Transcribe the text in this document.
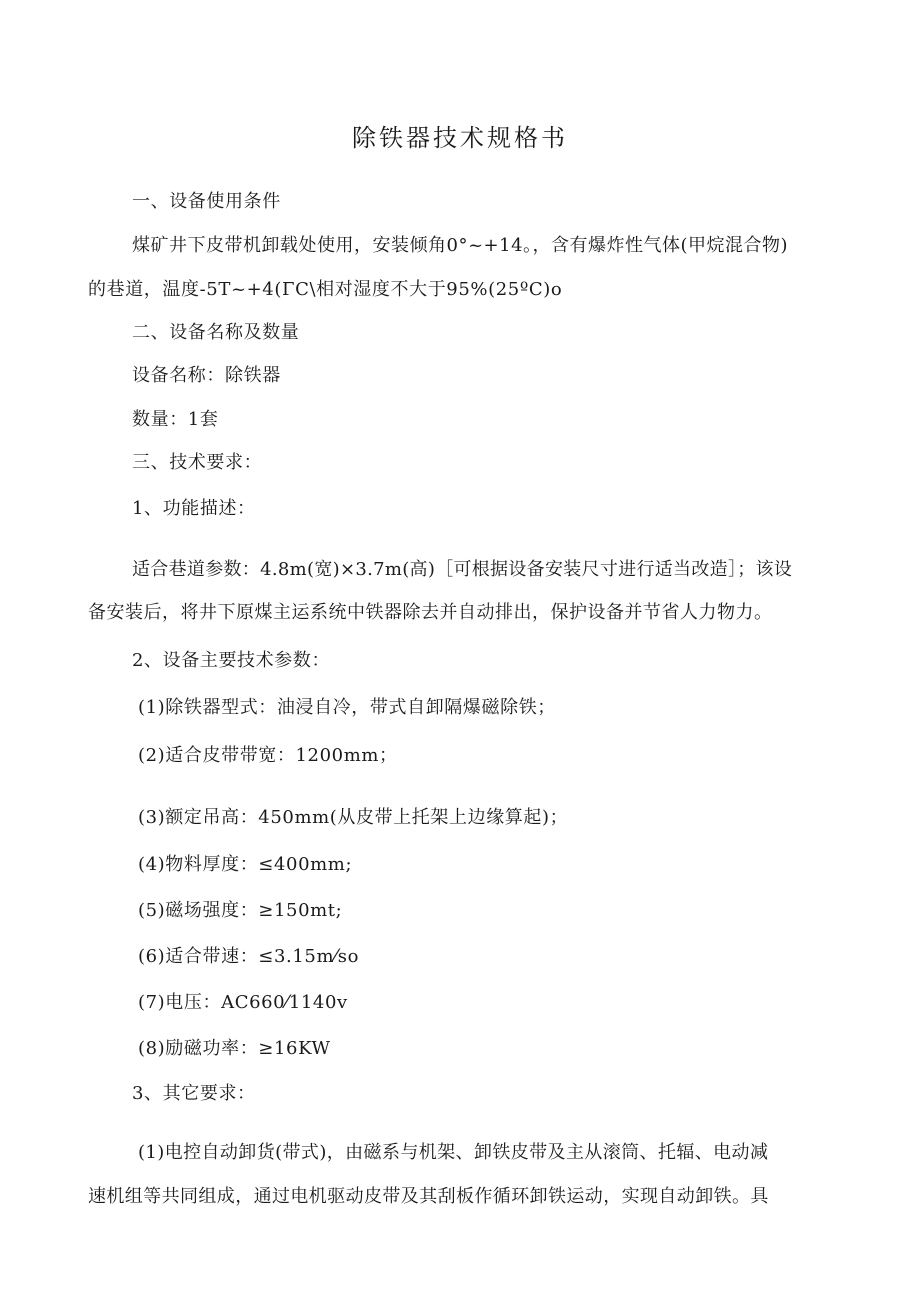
除铁器技术规格书
一、设备使用条件
煤矿井下皮带机卸载处使用，安装倾角0°~+14。，含有爆炸性气体(甲烷混合物)
的巷道，温度-5T~+4(ΓC\相对湿度不大于95%(25ºC)o
二、设备名称及数量
设备名称：除铁器
数量：1套
三、技术要求：
1、功能描述：
适合巷道参数：4.8m(宽)×3.7m(高)［可根据设备安装尺寸进行适当改造］；该设
备安装后，将井下原煤主运系统中铁器除去并自动排出，保护设备并节省人力物力。
2、设备主要技术参数：
(1)除铁器型式：油浸自冷，带式自卸隔爆磁除铁；
(2)适合皮带带宽：1200mm；
(3)额定吊高：450mm(从皮带上托架上边缘算起)；
(4)物料厚度：≤400mm;
(5)磁场强度：≥150mt;
(6)适合带速：≤3.15m⁄so
(7)电压：AC660⁄1140v
(8)励磁功率：≥16KW
3、其它要求：
(1)电控自动卸货(带式)，由磁系与机架、卸铁皮带及主从滚筒、托辐、电动减
速机组等共同组成，通过电机驱动皮带及其刮板作循环卸铁运动，实现自动卸铁。具
